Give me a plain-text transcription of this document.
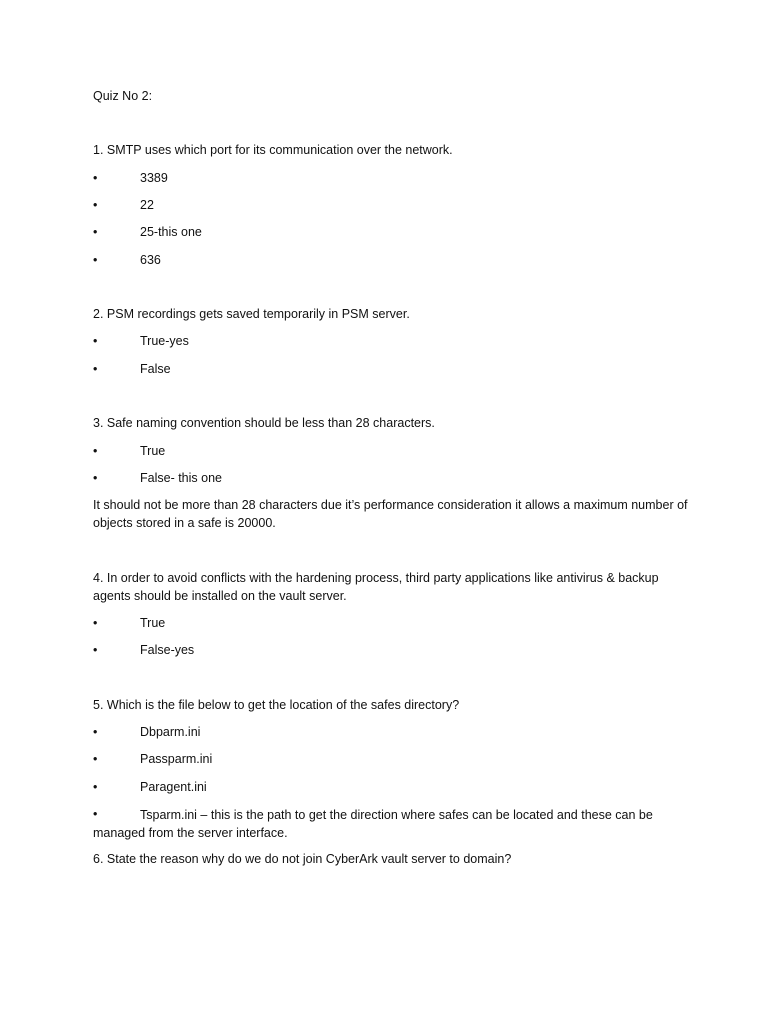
Quiz No 2:
1. SMTP uses which port for its communication over the network.
•	3389
•	22
•	25-this one
•	636
2. PSM recordings gets saved temporarily in PSM server.
•	True-yes
•	False
3. Safe naming convention should be less than 28 characters.
•	True
•	False- this one
It should not be more than 28 characters due it’s performance consideration it allows a maximum number of objects stored in a safe is 20000.
4. In order to avoid conflicts with the hardening process, third party applications like antivirus & backup agents should be installed on the vault server.
•	True
•	False-yes
5. Which is the file below to get the location of the safes directory?
•	Dbparm.ini
•	Passparm.ini
•	Paragent.ini
•	Tsparm.ini – this is the path to get the direction where safes can be located and these can be managed from the server interface.
6. State the reason why do we do not join CyberArk vault server to domain?
